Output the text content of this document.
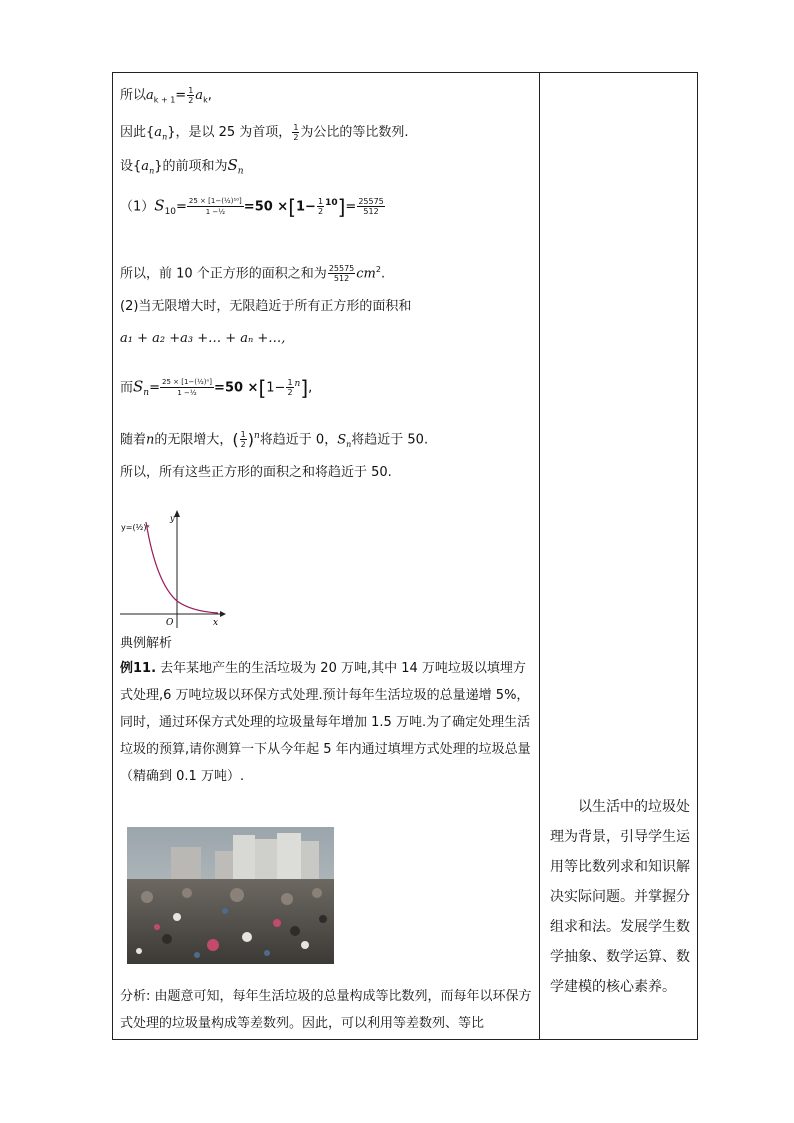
所以$a_{k + 1}= \frac{1}{2} a_k$,
因此$\{a_n\}$，是以 25 为首项， $\frac{1}{2}$ 为公比的等比数列.
设$\{a_n\}$的前项和为$S_n$
$(1)S_{10}= \frac{\text{25 × [1−(½)¹⁰]}}{\text{1 −½}} =50 \times[1- \frac{1}{2} ^{10}]= \frac{25575}{512}$
所以，前 10 个正方形的面积之和为 $\frac{25575}{512} cm^2$.
(2)当无限增大时，无限趋近于所有正方形的面积和
a₁ + a₂ +a₃ +… + aₙ +…,
而$S_n= \frac{\text{25 × [1−(½)ⁿ]}}{\text{1 −½}} =50 \times[1- \frac{1}{2} ^n]$,
随着n的无限增大，( $\frac{1}{2} )^n$将趋近于 0，$S_n$将趋近于 50.
所以，所有这些正方形的面积之和将趋近于 50.
y
x
O
y=(½)ˣ
典例解析
例11. 去年某地产生的生活垃圾为 20 万吨,其中 14 万吨垃圾以填埋方式处理,6 万吨垃圾以环保方式处理.预计每年生活垃圾的总量递增 5%，同时，通过环保方式处理的垃圾量每年增加 1.5 万吨.为了确定处理生活垃圾的预算,请你测算一下从今年起 5 年内通过填埋方式处理的垃圾总量（精确到 0.1 万吨）.
分析: 由题意可知，每年生活垃圾的总量构成等比数列，而每年以环保方式处理的垃圾量构成等差数列。因此，可以利用等差数列、等比
以生活中的垃圾处理为背景，引导学生运用等比数列求和知识解决实际问题。并掌握分组求和法。发展学生数学抽象、数学运算、数学建模的核心素养。
